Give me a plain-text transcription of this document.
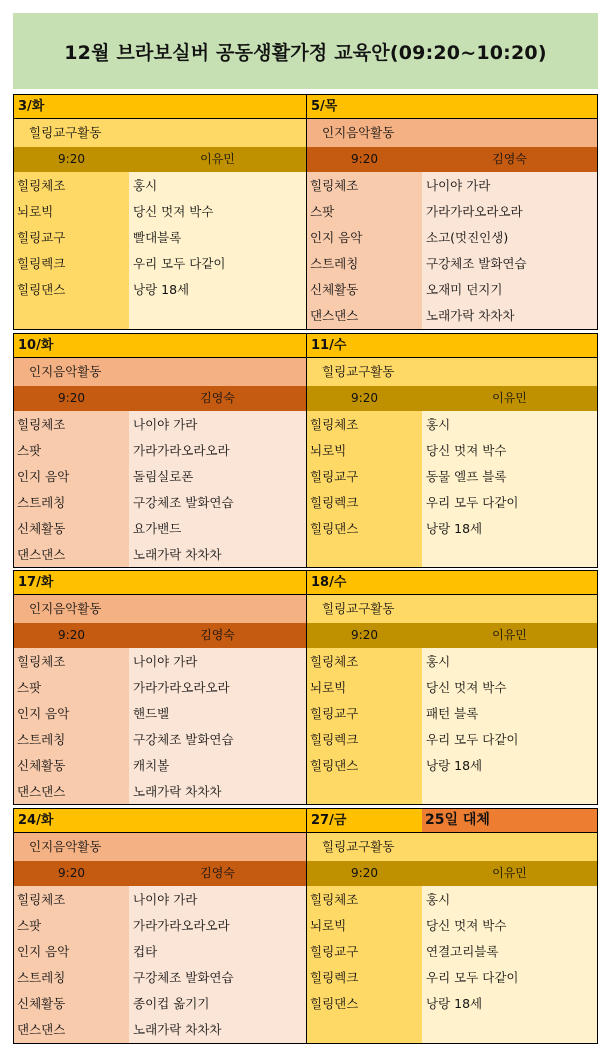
12월 브라보실버 공동생활가정 교육안(09:20~10:20)
3/화
힐링교구활동
9:20	이유민
힐링체조	홍시
뇌로빅	당신 멋져 박수
힐링교구	빨대블록
힐링렉크	우리 모두 다같이
힐링댄스	낭랑 18세
5/목
인지음악활동
9:20	김영숙
힐링체조	나이야 가라
스팟	가라가라오라오라
인지 음악	소고(멋진인생)
스트레칭	구강체조 발화연습
신체활동	오재미 던지기
댄스댄스	노래가락 차차차
10/화
인지음악활동
9:20	김영숙
힐링체조	나이야 가라
스팟	가라가라오라오라
인지 음악	돌림실로폰
스트레칭	구강체조 발화연습
신체활동	요가밴드
댄스댄스	노래가락 차차차
11/수
힐링교구활동
9:20	이유민
힐링체조	홍시
뇌로빅	당신 멋져 박수
힐링교구	동물 엘프 블록
힐링렉크	우리 모두 다같이
힐링댄스	낭랑 18세
17/화
인지음악활동
9:20	김영숙
힐링체조	나이야 가라
스팟	가라가라오라오라
인지 음악	핸드벨
스트레칭	구강체조 발화연습
신체활동	캐치볼
댄스댄스	노래가락 차차차
18/수
힐링교구활동
9:20	이유민
힐링체조	홍시
뇌로빅	당신 멋져 박수
힐링교구	패턴 블록
힐링렉크	우리 모두 다같이
힐링댄스	낭랑 18세
24/화
인지음악활동
9:20	김영숙
힐링체조	나이야 가라
스팟	가라가라오라오라
인지 음악	컵타
스트레칭	구강체조 발화연습
신체활동	종이컵 옮기기
댄스댄스	노래가락 차차차
27/금	25일 대체
힐링교구활동
9:20	이유민
힐링체조	홍시
뇌로빅	당신 멋져 박수
힐링교구	연결고리블록
힐링렉크	우리 모두 다같이
힐링댄스	낭랑 18세
